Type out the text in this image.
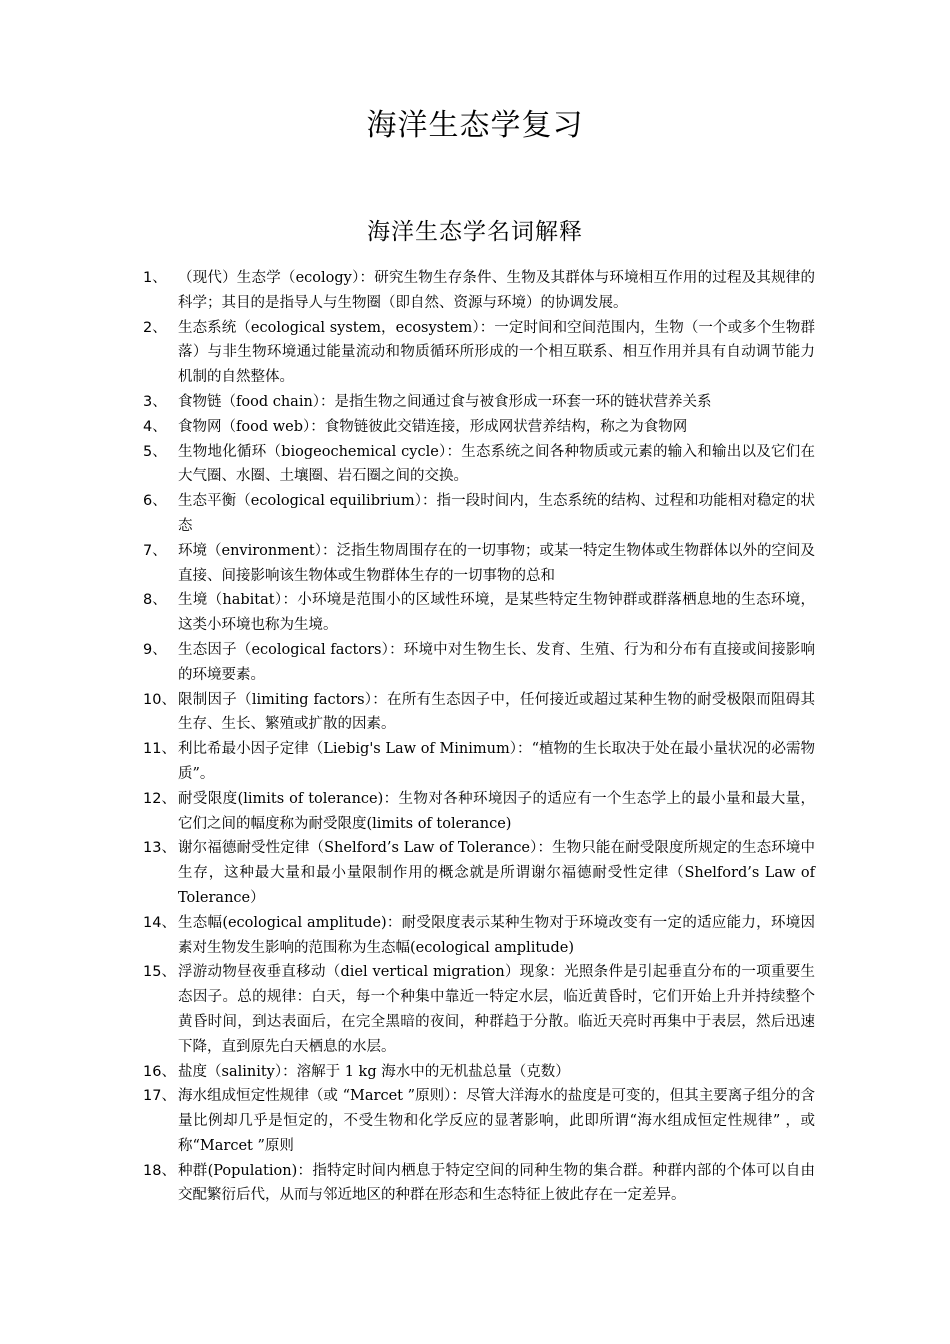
海洋生态学复习
海洋生态学名词解释
1、 （现代）生态学（ecology）：研究生物生存条件、生物及其群体与环境相互作用的过程及其规律的科学；其目的是指导人与生物圈（即自然、资源与环境）的协调发展。
2、 生态系统（ecological system，ecosystem）：一定时间和空间范围内，生物（一个或多个生物群落）与非生物环境通过能量流动和物质循环所形成的一个相互联系、相互作用并具有自动调节能力机制的自然整体。
3、 食物链（food chain）：是指生物之间通过食与被食形成一环套一环的链状营养关系
4、 食物网（food web）：食物链彼此交错连接，形成网状营养结构，称之为食物网
5、 生物地化循环（biogeochemical cycle）：生态系统之间各种物质或元素的输入和输出以及它们在大气圈、水圈、土壤圈、岩石圈之间的交换。
6、 生态平衡（ecological equilibrium）：指一段时间内，生态系统的结构、过程和功能相对稳定的状态
7、 环境（environment）：泛指生物周围存在的一切事物；或某一特定生物体或生物群体以外的空间及直接、间接影响该生物体或生物群体生存的一切事物的总和
8、 生境（habitat）：小环境是范围小的区域性环境，是某些特定生物钟群或群落栖息地的生态环境，这类小环境也称为生境。
9、 生态因子（ecological factors）：环境中对生物生长、发育、生殖、行为和分布有直接或间接影响的环境要素。
10、 限制因子（limiting factors）：在所有生态因子中，任何接近或超过某种生物的耐受极限而阻碍其生存、生长、繁殖或扩散的因素。
11、 利比希最小因子定律（Liebig's Law of Minimum）：“植物的生长取决于处在最小量状况的必需物质”。
12、 耐受限度(limits of tolerance)：生物对各种环境因子的适应有一个生态学上的最小量和最大量，它们之间的幅度称为耐受限度(limits of tolerance)
13、 谢尔福德耐受性定律（Shelford’s Law of Tolerance）：生物只能在耐受限度所规定的生态环境中生存，这种最大量和最小量限制作用的概念就是所谓谢尔福德耐受性定律（Shelford’s Law of Tolerance）
14、 生态幅(ecological amplitude)：耐受限度表示某种生物对于环境改变有一定的适应能力，环境因素对生物发生影响的范围称为生态幅(ecological amplitude)
15、 浮游动物昼夜垂直移动（diel vertical migration）现象：光照条件是引起垂直分布的一项重要生态因子。总的规律：白天，每一个种集中靠近一特定水层，临近黄昏时，它们开始上升并持续整个黄昏时间，到达表面后，在完全黑暗的夜间，种群趋于分散。临近天亮时再集中于表层，然后迅速下降，直到原先白天栖息的水层。
16、 盐度（salinity）：溶解于 1 kg 海水中的无机盐总量（克数）
17、 海水组成恒定性规律（或 “Marcet ”原则）：尽管大洋海水的盐度是可变的，但其主要离子组分的含量比例却几乎是恒定的，不受生物和化学反应的显著影响，此即所谓“海水组成恒定性规律” ，或称“Marcet ”原则
18、 种群(Population)：指特定时间内栖息于特定空间的同种生物的集合群。种群内部的个体可以自由交配繁衍后代，从而与邻近地区的种群在形态和生态特征上彼此存在一定差异。
